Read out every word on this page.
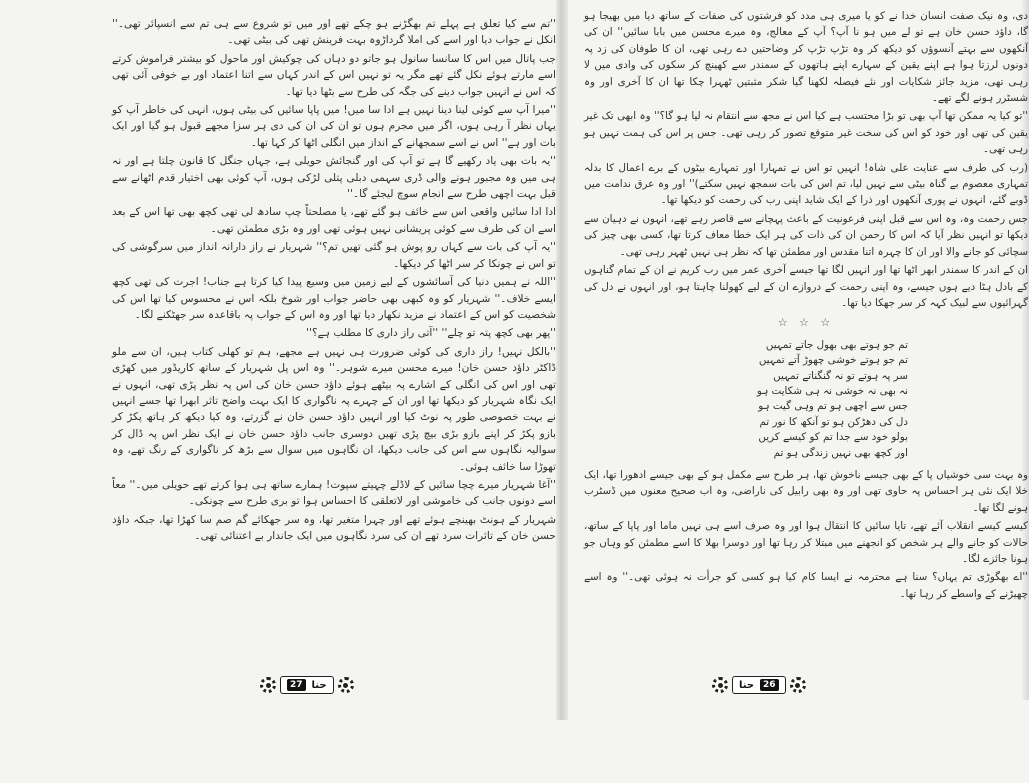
''تم سے کیا تعلق ہے پہلے تم بھگڑنے ہو چکے تھے اور میں تو شروع سے ہی تم سے انسپائر تھی۔'' انکل نے جواب دیا اور اسے کی املا گرداڑوہ بہت فرینش تھی کی بیٹی تھی۔

جب پاتال میں اس کا سانسا سانول ہو جاتو دو دہاں کی چوکیش اور ماحول کو بیشتر فراموش کرتے اسے مارتے ہوئے نکل گئے تھے مگر یہ تو نہیں اس کے اندر کہاں سے اتنا اعتماد اور بے خوفی آئی تھی کہ اس نے انہیں جواب دینے کی جگہ کی طرح سے بٹھا دیا تھا۔

''میرا آپ سے کوئی لینا دینا نہیں ہے ادا سا میں! میں پاپا سائیں کی بیٹی ہوں، انہی کی خاطر آپ کو یہاں نظر آ رہی ہوں، اگر میں مجرم ہوں تو ان کی ان کی دی ہر سزا مجھے قبول ہو گیا اور ایک بات اور ہے'' اس نے اسے سمجھانے کے انداز میں انگلی اٹھا کر کہا تھا۔

''یہ بات بھی یاد رکھیے گا ہے تو آپ کی اور گنجائش حویلی ہے، جہاں جنگل کا قانون چلتا ہے اور نہ ہی میں وہ مجبور ہونے والی ڈری سہمی دبلی پتلی لڑکی ہوں، آپ کوئی بھی اختیار قدم اٹھانے سے قبل بہت اچھی طرح سے انجام سوچ لیجئے گا۔''

ادا ادا سائیں واقعی اس سے خائف ہو گئے تھے، یا مصلحتاً چپ سادھ لی تھی کچھ بھی تھا اس کے بعد اسے ان کی طرف سے کوئی پریشانی نہیں ہوئی تھی اور وہ بڑی مطمئن تھی۔

''یہ آپ کی بات سے کہاں رو پوش ہو گئی تھیں تم؟'' شہریار نے راز دارانہ انداز میں سرگوشی کی تو اس نے چونکا کر سر اٹھا کر دیکھا۔

''اللہ نے ہمیں دنیا کی آسائشوں کے لیے زمین میں وسیع پیدا کیا کرتا ہے جناب! اجرت کی تھی کچھ ایسے خلاف۔'' شہریار کو وہ کبھی بھی حاضر جواب اور شوخ بلکہ اس نے محسوس کیا تھا اس کی شخصیت کو اس کے اعتماد نے مزید نکھار دیا تھا اور وہ اس کے جواب پہ باقاعدہ سر جھٹکنے لگا۔

''پھر بھی کچھ پتہ تو چلے'' ''آتی راز داری کا مطلب ہے؟''

''بالکل نہیں! راز داری کی کوئی ضرورت ہی نہیں ہے مجھے، ہم تو کھلی کتاب ہیں، ان سے ملو ڈاکٹر داؤد حسن خان! میرے محسن میرے شوہر۔'' وہ اس پل شہریار کے ساتھ کاریڈور میں کھڑی تھی اور اس کی انگلی کے اشارے پہ بیٹھے ہوئے داؤد حسن خان کی اس پہ نظر پڑی تھی، انہوں نے ایک نگاہ شہریار کو دیکھا تھا اور ان کے چہرے پہ ناگواری کا ایک بہت واضح تاثر ابھرا تھا جسے انہیں نے بہت خصوصی طور پہ نوٹ کیا اور انہیں داؤد حسن خان نے گزرتے، وہ کیا دیکھ کر ہاتھ پکڑ کر بازو پکڑ کر اپنے بازو بڑی بیچ پڑی تھیں دوسری جانب داؤد حسن خان نے ایک نظر اس پہ ڈال کر سوالیہ نگاہوں سے اس کی جانب دیکھا، ان نگاہوں میں سوال سے بڑھ کر ناگواری کے رنگ تھے، وہ تھوڑا سا خائف ہوئی۔

''آغا شہریار میرے چچا سائیں کے لاڈلے چہیتے سپوت! ہمارے ساتھ ہی ہوا کرتے تھے حویلی میں۔'' معاً اسے دونوں جانب کی خاموشی اور لاتعلقی کا احساس ہوا تو بری طرح سے چونکی۔

شہریار کے ہونٹ بھینچے ہوئے تھے اور چہرا متغیر تھا، وہ سر جھکائے گم صم سا کھڑا تھا، جبکہ داؤد حسن خان کے تاثرات سرد تھے ان کی سرد نگاہوں میں ایک جاندار بے اعتنائی تھی۔

دی، وہ نیک صفت انسان خدا نے کو یا میری ہی مدد کو فرشتوں کی صفات کے ساتھ دیا میں بھیجا ہو گا، داؤد حسن خان ہے تو لے میں ہو نا آپ؟ آپ کے معالج، وہ میرے محسن میں بابا سائیں'' ان کی آنکھوں سے بہتے آنسوؤں کو دیکھ کر وہ تڑپ تڑپ کر وضاحتیں دے رہی تھی، ان کا طوفان کی زد پہ دونوں لرزتا ہوا ہے اپنے یقین کے سہارے اپنے ہاتھوں کے سمندر سے کھینچ کر سکوں کی وادی میں لا رہی تھی، مزید جائز شکایات اور نئے فیصلہ لکھنا گیا شکر مثبتیں ٹھہرا چکا تھا ان کا آخری اور وہ شسٹرر ہونے لگے تھے۔

''تو کیا یہ ممکن تھا آپ بھی تو بڑا محتسب ہے کیا اس نے مجھ سے انتقام نہ لیا ہو گا؟'' وہ ابھی تک غیر یقین کی تھی اور خود کو اس کی سخت غیر متوقع تصور کر رہی تھی۔ جس پر اس کی ہمت نہیں ہو رہی تھی۔

(رب کی طرف سے عنایت علی شاہ! انہیں تو اس نے تمہارا اور تمہارے بیٹوں کے برے اعمال کا بدلہ تمہاری معصوم بے گناہ بیٹی سے نہیں لیا، تم اس کی بات سمجھ نہیں سکتے)'' اور وہ عرق ندامت میں ڈوبے گئے، انہوں نے پوری آنکھوں اور ذرا کے ایک شاید اپنی رب کی رحمت کو دیکھا تھا۔

جس رحمت وہ، وہ اس سے قبل اپنی فرعونیت کے باعث پہچانے سے قاصر رہے تھے، انہوں نے دہیان سے دیکھا تو انہیں نظر آیا کہ اس کا رحمن ان کی ذات کی ہر ایک خطا معاف کرتا تھا، کسی بھی چیز کی سچائی کو جانے والا اور ان کا چہرہ اتنا مقدس اور مطمئن تھا کہ نظر ہی نہیں ٹھہر رہی تھی۔

ان کے اندر کا سمندر ابھر اٹھا تھا اور انہیں لگا تھا جیسے آخری عمر میں رب کریم نے ان کے تمام گناہوں کے بادل ہٹا دیے ہوں جیسے، وہ اپنی رحمت کے دروازے ان کے لیے کھولنا چاہتا ہو، اور انہوں نے دل کی گہرائیوں سے لبیک کہہ کر سر جھکا دیا تھا۔

☆ ☆ ☆
تم جو ہوتے بھی بھول جاتے تمہیں
تم جو ہوتے خوشی چھوڑ آتے تمہیں
سر پہ ہوتے تو نہ گنگناتے تمہیں
نہ بھی نہ خوشی نہ ہی شکایت ہو
جس سے اچھی ہو تم وہی گیت ہو
دل کی دھڑکن ہو تو آنکھ کا نور تم
بولو خود سے جدا تم کو کیسے کریں
اور کچھ بھی نہیں زندگی ہو تم

وہ بہت سی خوشیاں پا کے بھی جیسے ناخوش تھا، ہر طرح سے مکمل ہو کے بھی جیسے ادھورا تھا، ایک خلا ایک نئی ہر احساس پہ حاوی تھی اور وہ بھی رابیل کی ناراضی، وہ اب صحیح معنوں میں ڈسٹرب ہونے لگا تھا۔

کیسے کیسے انقلاب آئے تھے، تایا سائیں کا انتقال ہوا اور وہ صرف اسے ہی نہیں ماما اور پاپا کے ساتھ، حالات کو جانے والے ہر شخص کو انجھنے میں مبتلا کر رہا تھا اور دوسرا بھلا کا اسے مطمئن کو وہاں جو ہونا جائزے لگا۔

''اے بھگوڑی تم یہاں؟ سنا ہے محترمہ نے ایسا کام کیا ہو کسی کو جرأت نہ ہوئی تھی۔'' وہ اسے چھیڑنے کے واسطے کر رہا تھا۔

27 حنا	حنا	26
